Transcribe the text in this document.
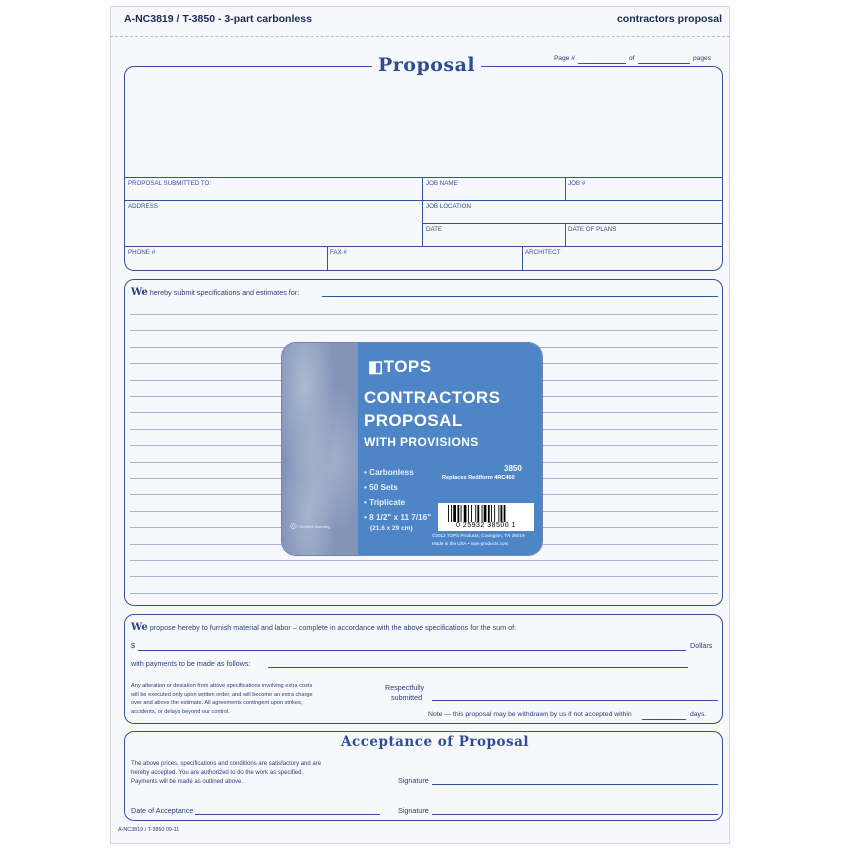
A-NC3819 / T-3850 - 3-part carbonless	contractors proposal
Proposal	Page #	of	pages
PROPOSAL SUBMITTED TO:	JOB NAME	JOB #
ADDRESS	JOB LOCATION
DATE	DATE OF PLANS
PHONE #	FAX #	ARCHITECT
We hereby submit specifications and estimates for:
◧TOPS
CONTRACTORS
PROPOSAL
WITH PROVISIONS
• Carbonless
• 50 Sets
• Triplicate
• 8 1/2" x 11 7/16"
(21.6 x 29 cm)
3850
Replaces Rediform 4RC460
0 25932 38500 1
©2012 TOPS Products, Covington, TN 38019
Made in the USA • tops-products.com
◎ Certified Sourcing
We propose hereby to furnish material and labor – complete in accordance with the above specifications for the sum of:
$	Dollars
with payments to be made as follows:
Any alteration or deviation from above specifications involving extra costs
will be executed only upon written order, and will become an extra charge
over and above the estimate. All agreements contingent upon strikes,
accidents, or delays beyond our control.
Respectfully
submitted
Note — this proposal may be withdrawn by us if not accepted within	days.
Acceptance of Proposal
The above prices, specifications and conditions are satisfactory and are
hereby accepted. You are authorized to do the work as specified.
Payments will be made as outlined above.	Signature
Date of Acceptance	Signature
A-NC3819 / T-3850 09-11
